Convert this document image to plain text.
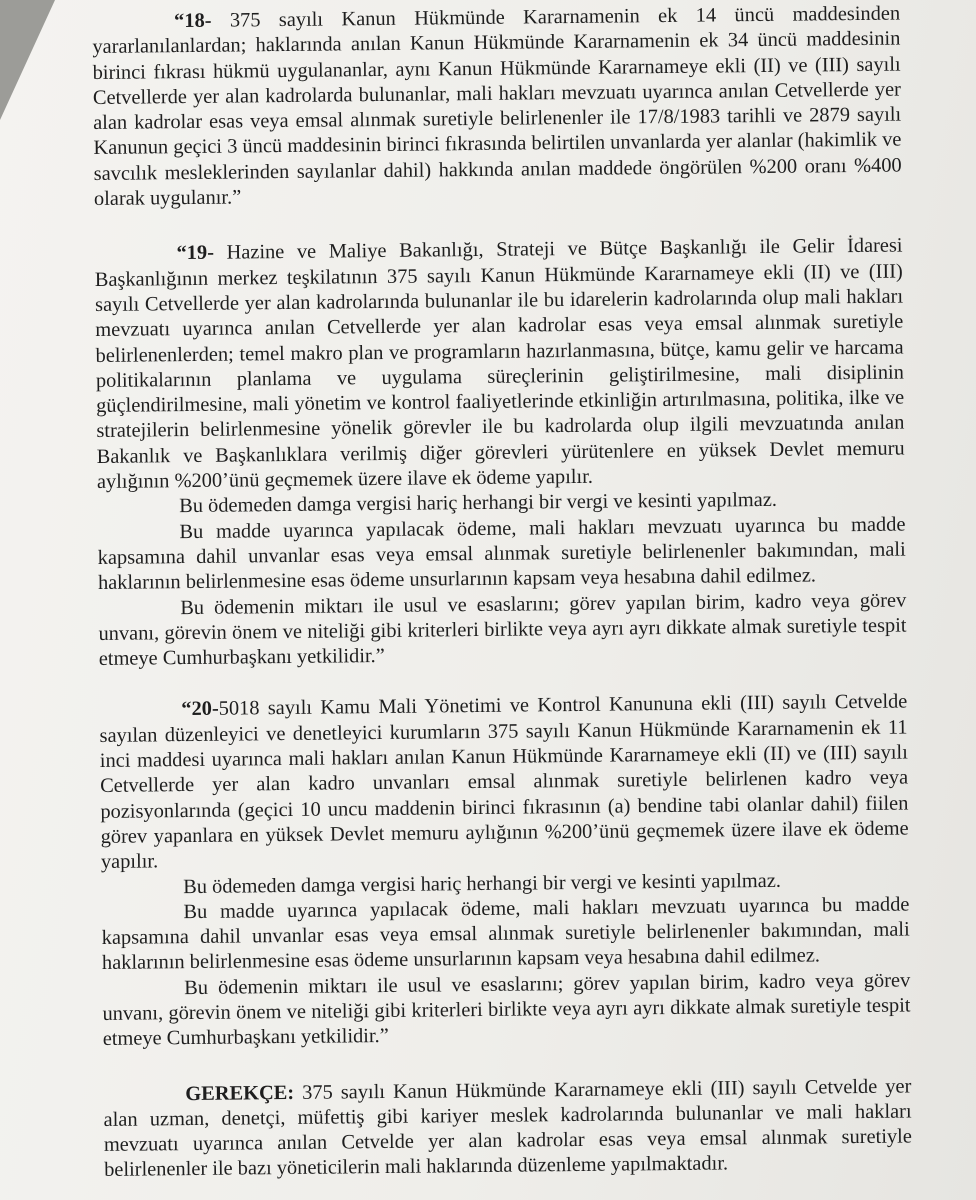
“18- 375 sayılı Kanun Hükmünde Kararnamenin ek 14 üncü maddesinden yararlanılanlardan; haklarında anılan Kanun Hükmünde Kararnamenin ek 34 üncü maddesinin birinci fıkrası hükmü uygulananlar, aynı Kanun Hükmünde Kararnameye ekli (II) ve (III) sayılı Cetvellerde yer alan kadrolarda bulunanlar, mali hakları mevzuatı uyarınca anılan Cetvellerde yer alan kadrolar esas veya emsal alınmak suretiyle belirlenenler ile 17/8/1983 tarihli ve 2879 sayılı Kanunun geçici 3 üncü maddesinin birinci fıkrasında belirtilen unvanlarda yer alanlar (hakimlik ve savcılık mesleklerinden sayılanlar dahil) hakkında anılan maddede öngörülen %200 oranı %400 olarak uygulanır.”

“19- Hazine ve Maliye Bakanlığı, Strateji ve Bütçe Başkanlığı ile Gelir İdaresi Başkanlığının merkez teşkilatının 375 sayılı Kanun Hükmünde Kararnameye ekli (II) ve (III) sayılı Cetvellerde yer alan kadrolarında bulunanlar ile bu idarelerin kadrolarında olup mali hakları mevzuatı uyarınca anılan Cetvellerde yer alan kadrolar esas veya emsal alınmak suretiyle belirlenenlerden; temel makro plan ve programların hazırlanmasına, bütçe, kamu gelir ve harcama politikalarının planlama ve uygulama süreçlerinin geliştirilmesine, mali disiplinin güçlendirilmesine, mali yönetim ve kontrol faaliyetlerinde etkinliğin artırılmasına, politika, ilke ve stratejilerin belirlenmesine yönelik görevler ile bu kadrolarda olup ilgili mevzuatında anılan Bakanlık ve Başkanlıklara verilmiş diğer görevleri yürütenlere en yüksek Devlet memuru aylığının %200’ünü geçmemek üzere ilave ek ödeme yapılır.

Bu ödemeden damga vergisi hariç herhangi bir vergi ve kesinti yapılmaz.

Bu madde uyarınca yapılacak ödeme, mali hakları mevzuatı uyarınca bu madde kapsamına dahil unvanlar esas veya emsal alınmak suretiyle belirlenenler bakımından, mali haklarının belirlenmesine esas ödeme unsurlarının kapsam veya hesabına dahil edilmez.

Bu ödemenin miktarı ile usul ve esaslarını; görev yapılan birim, kadro veya görev unvanı, görevin önem ve niteliği gibi kriterleri birlikte veya ayrı ayrı dikkate almak suretiyle tespit etmeye Cumhurbaşkanı yetkilidir.”

“20-5018 sayılı Kamu Mali Yönetimi ve Kontrol Kanununa ekli (III) sayılı Cetvelde sayılan düzenleyici ve denetleyici kurumların 375 sayılı Kanun Hükmünde Kararnamenin ek 11 inci maddesi uyarınca mali hakları anılan Kanun Hükmünde Kararnameye ekli (II) ve (III) sayılı Cetvellerde yer alan kadro unvanları emsal alınmak suretiyle belirlenen kadro veya pozisyonlarında (geçici 10 uncu maddenin birinci fıkrasının (a) bendine tabi olanlar dahil) fiilen görev yapanlara en yüksek Devlet memuru aylığının %200’ünü geçmemek üzere ilave ek ödeme yapılır.

Bu ödemeden damga vergisi hariç herhangi bir vergi ve kesinti yapılmaz.

Bu madde uyarınca yapılacak ödeme, mali hakları mevzuatı uyarınca bu madde kapsamına dahil unvanlar esas veya emsal alınmak suretiyle belirlenenler bakımından, mali haklarının belirlenmesine esas ödeme unsurlarının kapsam veya hesabına dahil edilmez.

Bu ödemenin miktarı ile usul ve esaslarını; görev yapılan birim, kadro veya görev unvanı, görevin önem ve niteliği gibi kriterleri birlikte veya ayrı ayrı dikkate almak suretiyle tespit etmeye Cumhurbaşkanı yetkilidir.”

GEREKÇE: 375 sayılı Kanun Hükmünde Kararnameye ekli (III) sayılı Cetvelde yer alan uzman, denetçi, müfettiş gibi kariyer meslek kadrolarında bulunanlar ve mali hakları mevzuatı uyarınca anılan Cetvelde yer alan kadrolar esas veya emsal alınmak suretiyle belirlenenler ile bazı yöneticilerin mali haklarında düzenleme yapılmaktadır.
